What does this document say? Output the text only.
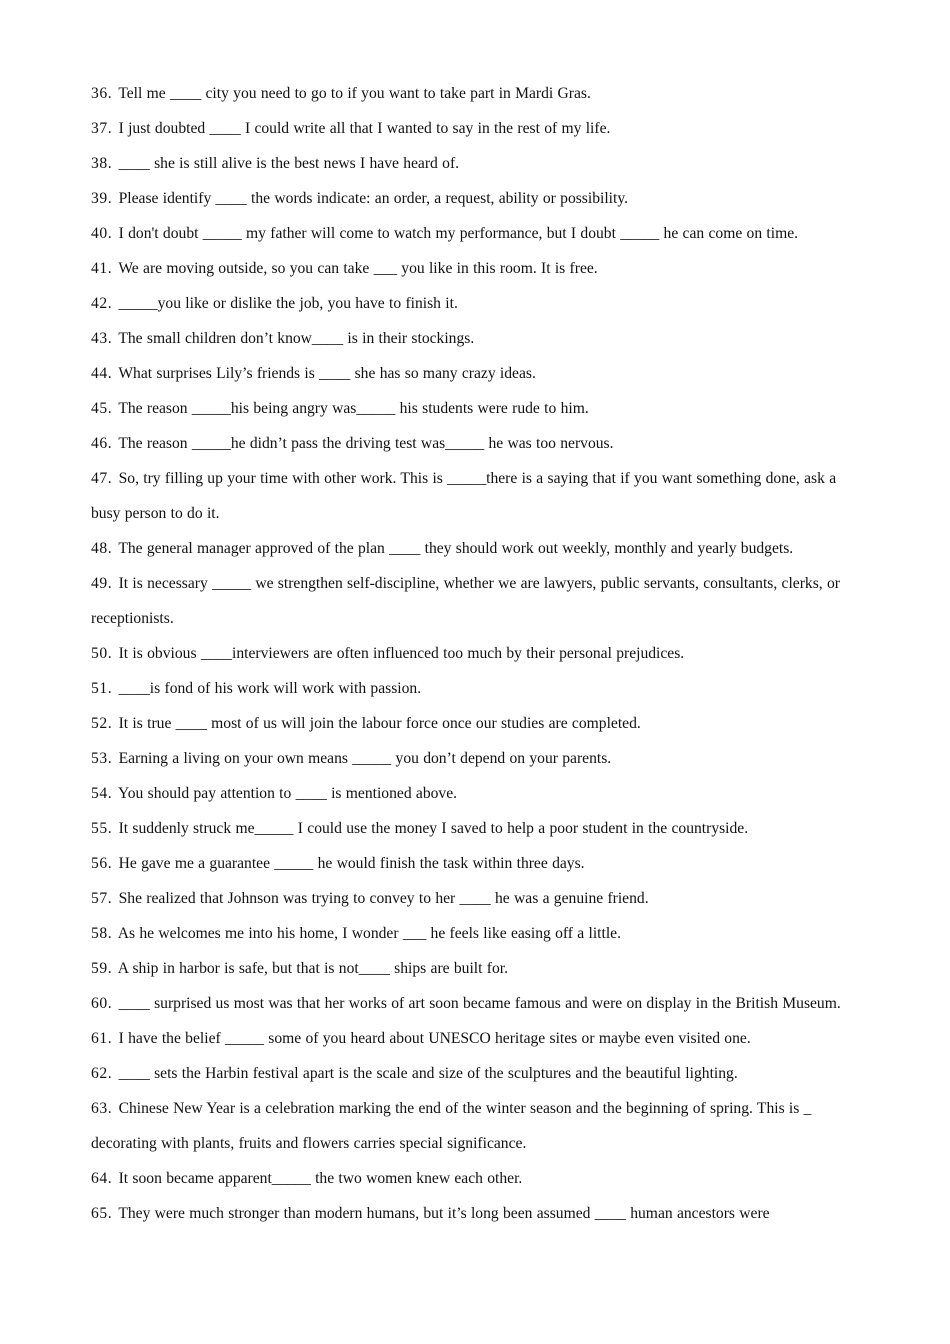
36. Tell me ____ city you need to go to if you want to take part in Mardi Gras.
37. I just doubted ____ I could write all that I wanted to say in the rest of my life.
38. ____ she is still alive is the best news I have heard of.
39. Please identify ____ the words indicate: an order, a request, ability or possibility.
40. I don't doubt _____ my father will come to watch my performance, but I doubt _____ he can come on time.
41. We are moving outside, so you can take ___ you like in this room. It is free.
42. _____you like or dislike the job, you have to finish it.
43. The small children don’t know____ is in their stockings.
44. What surprises Lily’s friends is ____ she has so many crazy ideas.
45. The reason _____his being angry was_____ his students were rude to him.
46. The reason _____he didn’t pass the driving test was_____ he was too nervous.
47. So, try filling up your time with other work. This is _____there is a saying that if you want something done, ask a busy person to do it.
48. The general manager approved of the plan ____ they should work out weekly, monthly and yearly budgets.
49. It is necessary _____ we strengthen self-discipline, whether we are lawyers, public servants, consultants, clerks, or receptionists.
50. It is obvious ____interviewers are often influenced too much by their personal prejudices.
51. ____is fond of his work will work with passion.
52. It is true ____ most of us will join the labour force once our studies are completed.
53. Earning a living on your own means _____ you don’t depend on your parents.
54. You should pay attention to ____ is mentioned above.
55. It suddenly struck me_____ I could use the money I saved to help a poor student in the countryside.
56. He gave me a guarantee _____ he would finish the task within three days.
57. She realized that Johnson was trying to convey to her ____ he was a genuine friend.
58. As he welcomes me into his home, I wonder ___ he feels like easing off a little.
59. A ship in harbor is safe, but that is not____ ships are built for.
60. ____ surprised us most was that her works of art soon became famous and were on display in the British Museum.
61. I have the belief _____ some of you heard about UNESCO heritage sites or maybe even visited one.
62. ____ sets the Harbin festival apart is the scale and size of the sculptures and the beautiful lighting.
63. Chinese New Year is a celebration marking the end of the winter season and the beginning of spring. This is _ decorating with plants, fruits and flowers carries special significance.
64. It soon became apparent_____ the two women knew each other.
65. They were much stronger than modern humans, but it’s long been assumed ____ human ancestors were
